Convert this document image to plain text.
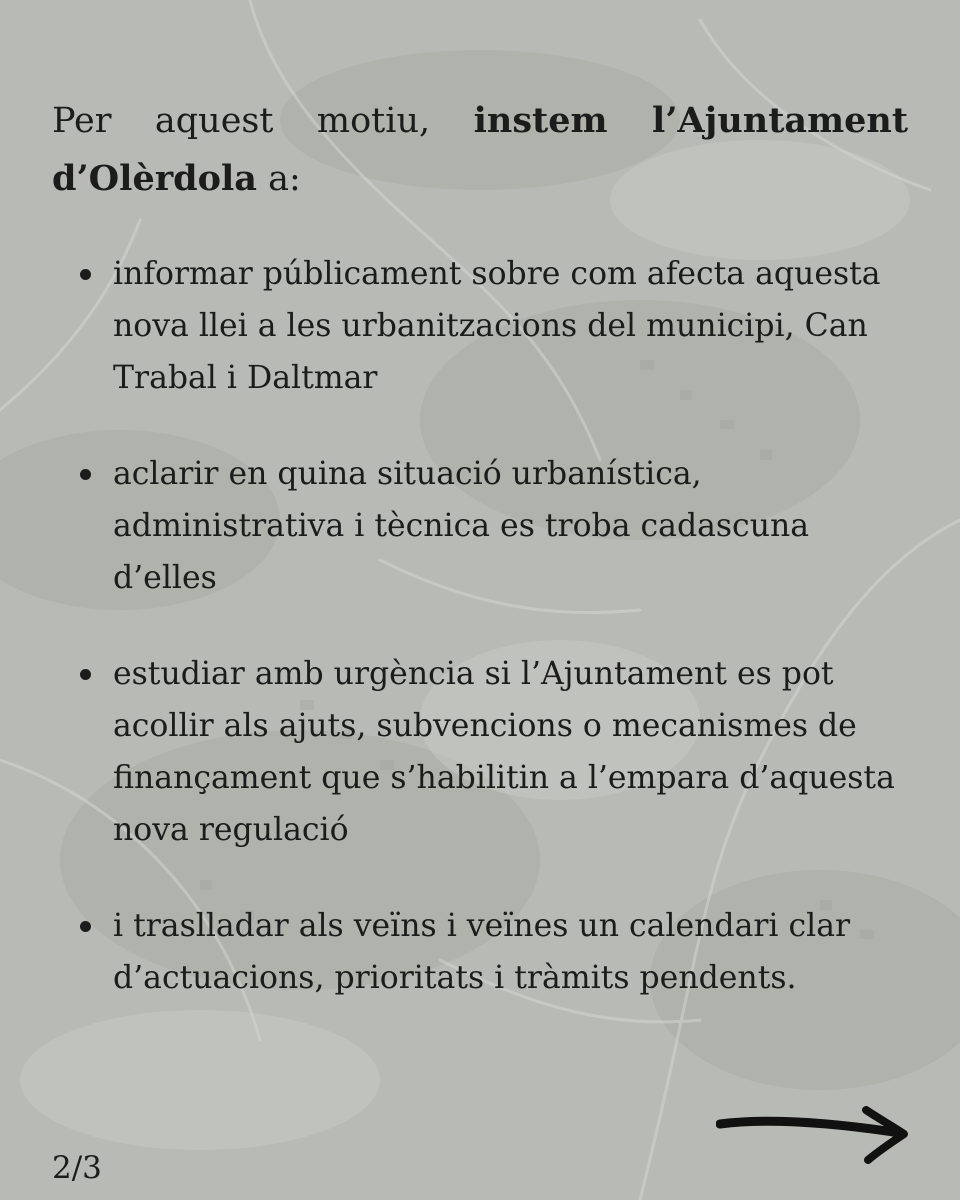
Per aquest motiu, instem l’Ajuntament d’Olèrdola a:

informar públicament sobre com afecta aquesta nova llei a les urbanitzacions del municipi, Can Trabal i Daltmar
aclarir en quina situació urbanística, administrativa i tècnica es troba cadascuna d’elles
estudiar amb urgència si l’Ajuntament es pot acollir als ajuts, subvencions o mecanismes de finançament que s’habilitin a l’empara d’aquesta nova regulació
i traslladar als veïns i veïnes un calendari clar d’actuacions, prioritats i tràmits pendents.
2/3
